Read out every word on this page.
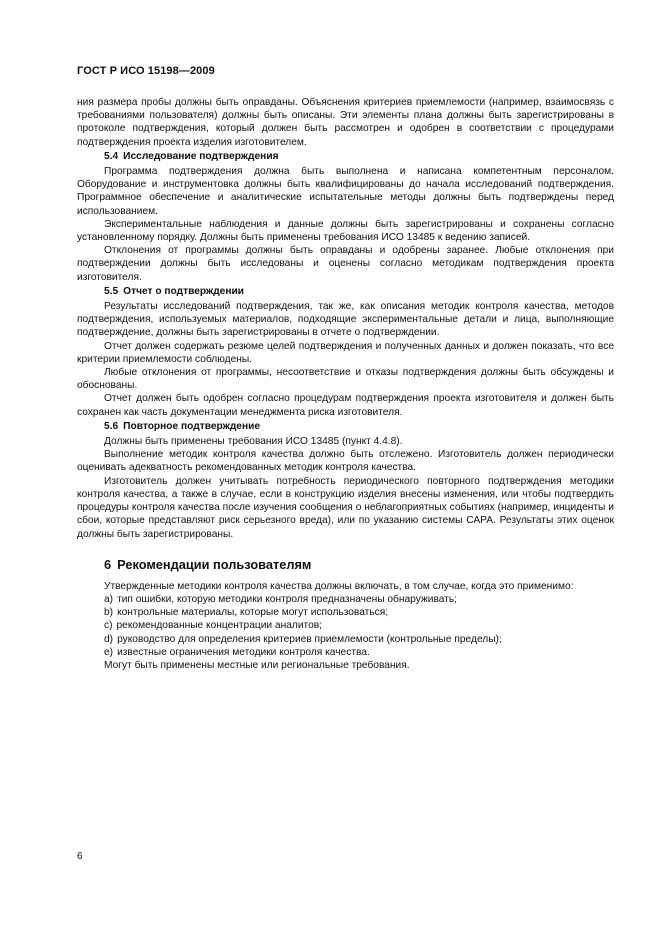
ГОСТ Р ИСО 15198—2009

ния размера пробы должны быть оправданы. Объяснения критериев приемлемости (например, взаимосвязь с требованиями пользователя) должны быть описаны. Эти элементы плана должны быть зарегистрированы в протоколе подтверждения, который должен быть рассмотрен и одобрен в соответствии с процедурами подтверждения проекта изделия изготовителем.

5.4 Исследование подтверждения

Программа подтверждения должна быть выполнена и написана компетентным персоналом. Оборудование и инструментовка должны быть квалифицированы до начала исследований подтверждения. Программное обеспечение и аналитические испытательные методы должны быть подтверждены перед использованием.

Экспериментальные наблюдения и данные должны быть зарегистрированы и сохранены согласно установленному порядку. Должны быть применены требования ИСО 13485 к ведению записей.

Отклонения от программы должны быть оправданы и одобрены заранее. Любые отклонения при подтверждении должны быть исследованы и оценены согласно методикам подтверждения проекта изготовителя.

5.5 Отчет о подтверждении

Результаты исследований подтверждения, так же, как описания методик контроля качества, методов подтверждения, используемых материалов, подходящие экспериментальные детали и лица, выполняющие подтверждение, должны быть зарегистрированы в отчете о подтверждении.

Отчет должен содержать резюме целей подтверждения и полученных данных и должен показать, что все критерии приемлемости соблюдены.

Любые отклонения от программы, несоответствие и отказы подтверждения должны быть обсуждены и обоснованы.

Отчет должен быть одобрен согласно процедурам подтверждения проекта изготовителя и должен быть сохранен как часть документации менеджмента риска изготовителя.

5.6 Повторное подтверждение

Должны быть применены требования ИСО 13485 (пункт 4.4.8).

Выполнение методик контроля качества должно быть отслежено. Изготовитель должен периодически оценивать адекватность рекомендованных методик контроля качества.

Изготовитель должен учитывать потребность периодического повторного подтверждения методики контроля качества, а также в случае, если в конструкцию изделия внесены изменения, или чтобы подтвердить процедуры контроля качества после изучения сообщения о неблагоприятных событиях (например, инциденты и сбои, которые представляют риск серьезного вреда), или по указанию системы САРА. Результаты этих оценок должны быть зарегистрированы.

6 Рекомендации пользователям

Утвержденные методики контроля качества должны включать, в том случае, когда это применимо:

а) тип ошибки, которую методики контроля предназначены обнаруживать;
b) контрольные материалы, которые могут использоваться;
c) рекомендованные концентрации аналитов;
d) руководство для определения критериев приемлемости (контрольные пределы);
e) известные ограничения методики контроля качества.

Могут быть применены местные или региональные требования.

6
